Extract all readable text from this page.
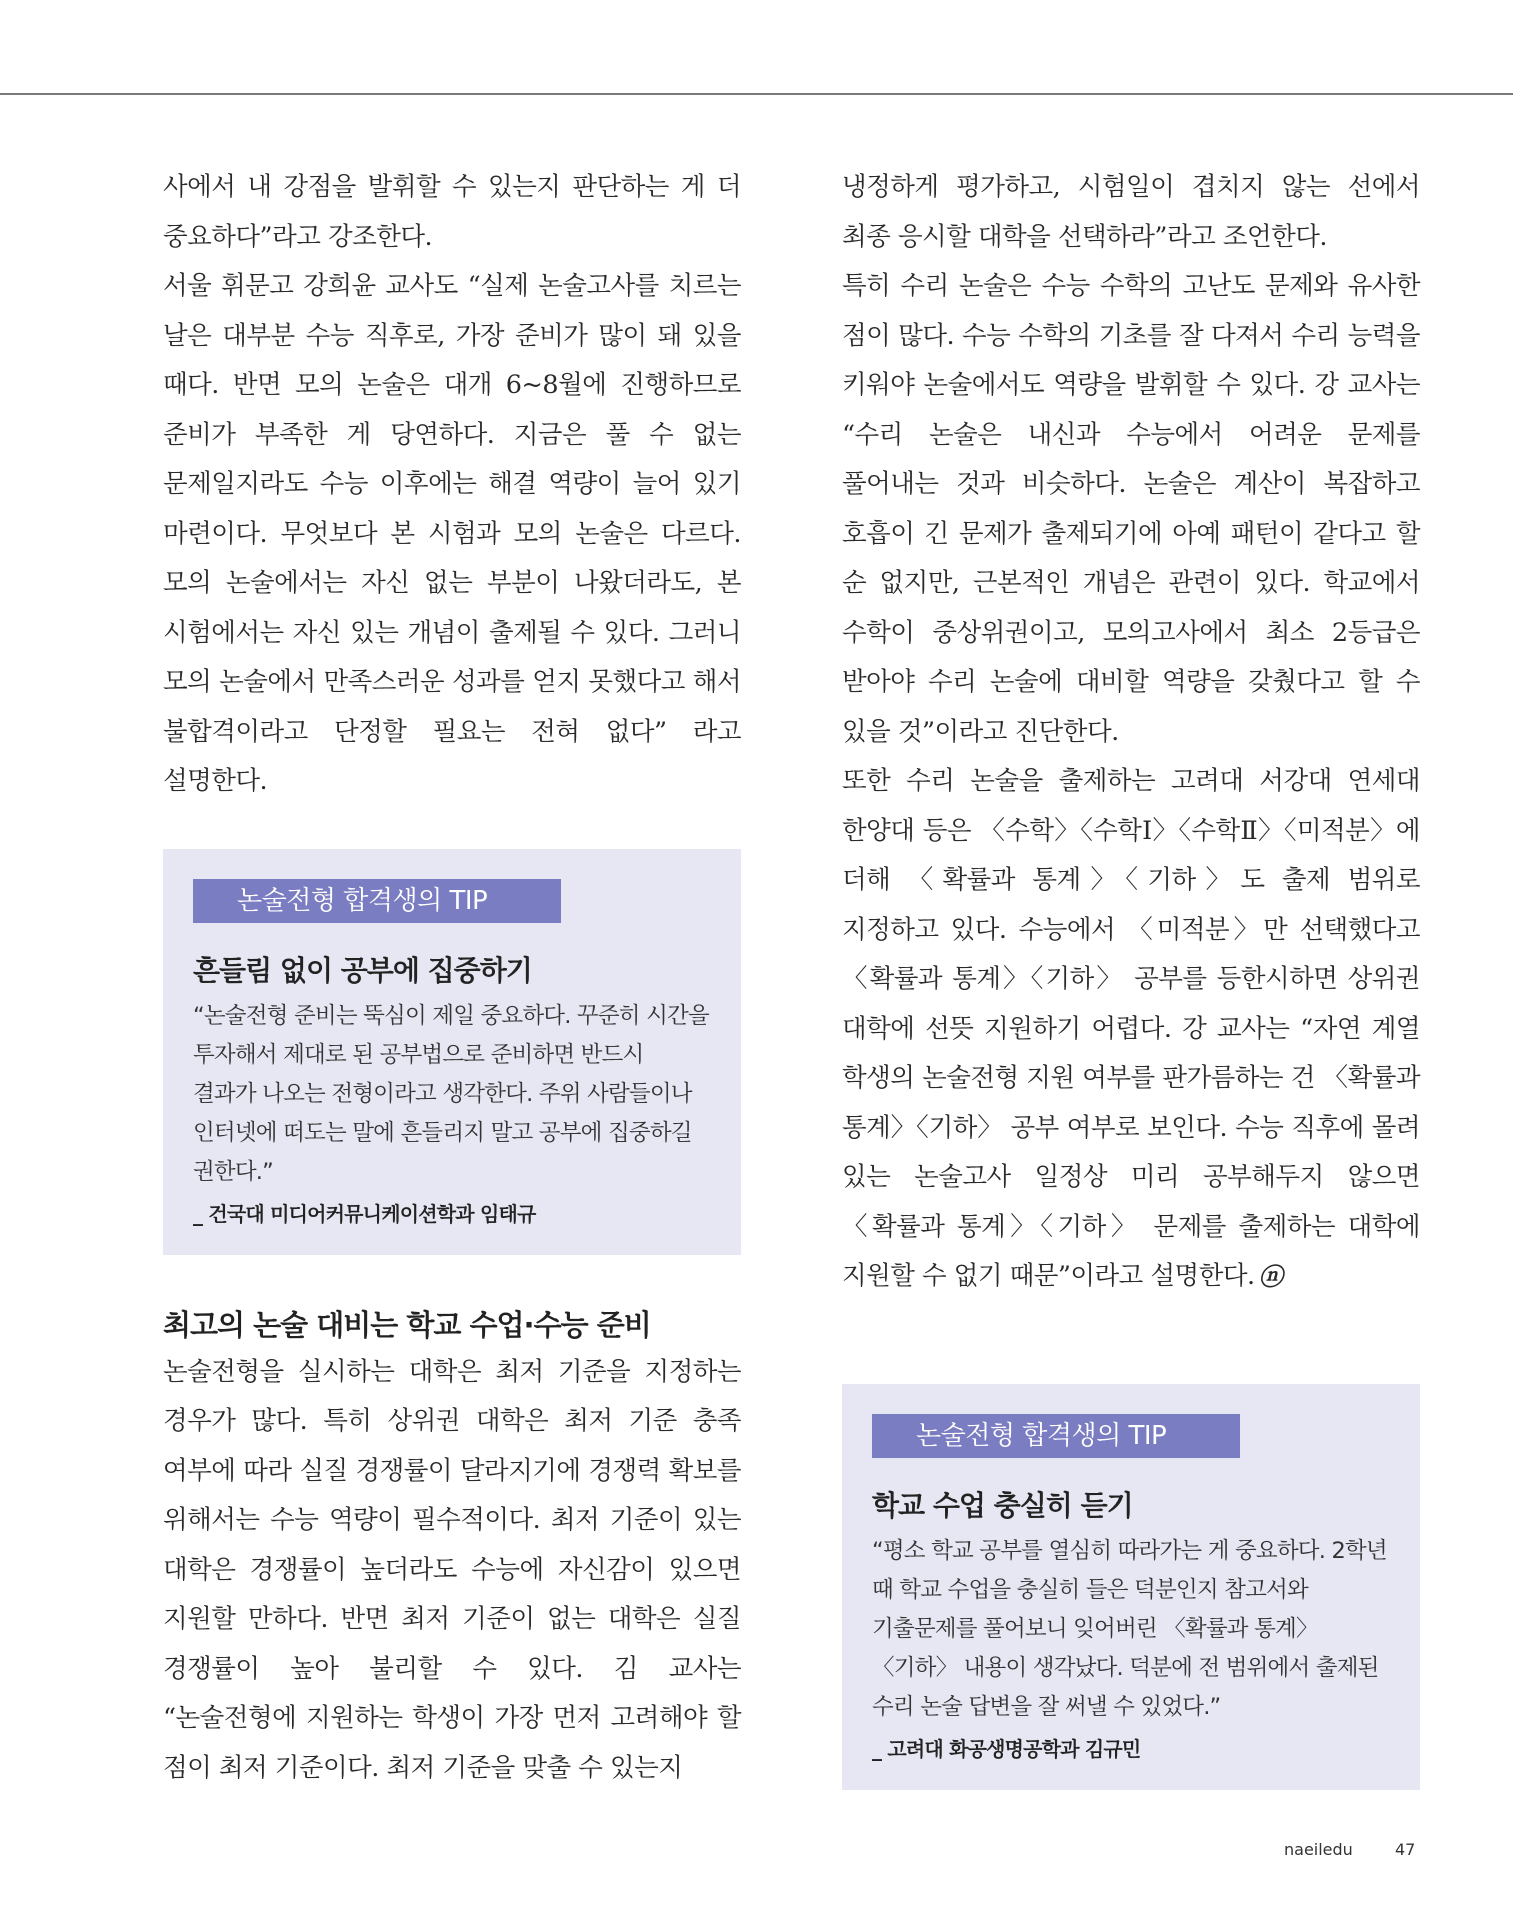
사에서 내 강점을 발휘할 수 있는지 판단하는 게 더 중요하다”라고 강조한다.

서울 휘문고 강희윤 교사도 “실제 논술고사를 치르는 날은 대부분 수능 직후로, 가장 준비가 많이 돼 있을 때다. 반면 모의 논술은 대개 6~8월에 진행하므로 준비가 부족한 게 당연하다. 지금은 풀 수 없는 문제일지라도 수능 이후에는 해결 역량이 늘어 있기 마련이다. 무엇보다 본 시험과 모의 논술은 다르다. 모의 논술에서는 자신 없는 부분이 나왔더라도, 본 시험에서는 자신 있는 개념이 출제될 수 있다. 그러니 모의 논술에서 만족스러운 성과를 얻지 못했다고 해서 불합격이라고 단정할 필요는 전혀 없다” 라고 설명한다.

논술전형 합격생의 TIP
흔들림 없이 공부에 집중하기

“논술전형 준비는 뚝심이 제일 중요하다. 꾸준히 시간을 투자해서 제대로 된 공부법으로 준비하면 반드시 결과가 나오는 전형이라고 생각한다. 주위 사람들이나 인터넷에 떠도는 말에 흔들리지 말고 공부에 집중하길 권한다.”

_ 건국대 미디어커뮤니케이션학과 임태규
최고의 논술 대비는 학교 수업·수능 준비

논술전형을 실시하는 대학은 최저 기준을 지정하는 경우가 많다. 특히 상위권 대학은 최저 기준 충족 여부에 따라 실질 경쟁률이 달라지기에 경쟁력 확보를 위해서는 수능 역량이 필수적이다. 최저 기준이 있는 대학은 경쟁률이 높더라도 수능에 자신감이 있으면 지원할 만하다. 반면 최저 기준이 없는 대학은 실질 경쟁률이 높아 불리할 수 있다. 김 교사는 “논술전형에 지원하는 학생이 가장 먼저 고려해야 할 점이 최저 기준이다. 최저 기준을 맞출 수 있는지

냉정하게 평가하고, 시험일이 겹치지 않는 선에서 최종 응시할 대학을 선택하라”라고 조언한다.

특히 수리 논술은 수능 수학의 고난도 문제와 유사한 점이 많다. 수능 수학의 기초를 잘 다져서 수리 능력을 키워야 논술에서도 역량을 발휘할 수 있다. 강 교사는 “수리 논술은 내신과 수능에서 어려운 문제를 풀어내는 것과 비슷하다. 논술은 계산이 복잡하고 호흡이 긴 문제가 출제되기에 아예 패턴이 같다고 할 순 없지만, 근본적인 개념은 관련이 있다. 학교에서 수학이 중상위권이고, 모의고사에서 최소 2등급은 받아야 수리 논술에 대비할 역량을 갖췄다고 할 수 있을 것”이라고 진단한다.

또한 수리 논술을 출제하는 고려대 서강대 연세대 한양대 등은 〈수학〉〈수학Ⅰ〉〈수학Ⅱ〉〈미적분〉에 더해 〈확률과 통계〉〈기하〉도 출제 범위로 지정하고 있다. 수능에서 〈미적분〉만 선택했다고 〈확률과 통계〉〈기하〉 공부를 등한시하면 상위권 대학에 선뜻 지원하기 어렵다. 강 교사는 “자연 계열 학생의 논술전형 지원 여부를 판가름하는 건 〈확률과 통계〉〈기하〉 공부 여부로 보인다. 수능 직후에 몰려 있는 논술고사 일정상 미리 공부해두지 않으면 〈확률과 통계〉〈기하〉 문제를 출제하는 대학에 지원할 수 없기 때문”이라고 설명한다. ⓝ

논술전형 합격생의 TIP
학교 수업 충실히 듣기

“평소 학교 공부를 열심히 따라가는 게 중요하다. 2학년 때 학교 수업을 충실히 들은 덕분인지 참고서와 기출문제를 풀어보니 잊어버린 〈확률과 통계〉〈기하〉 내용이 생각났다. 덕분에 전 범위에서 출제된 수리 논술 답변을 잘 써낼 수 있었다.”

_ 고려대 화공생명공학과 김규민
naeiledu	47
